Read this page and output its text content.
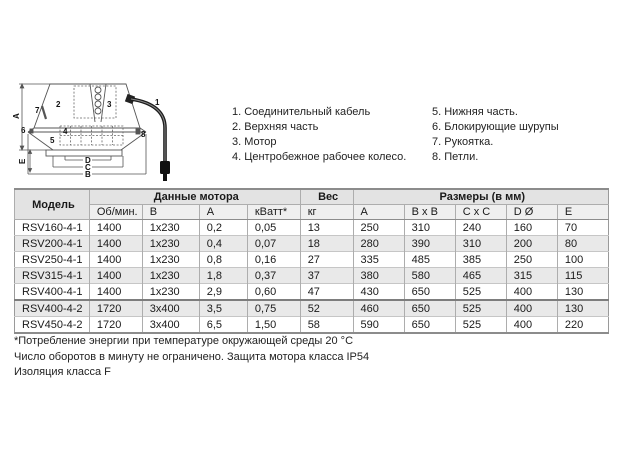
1
2	3
4
5
6
7
8
A
E	D
C
B
1. Соединительный кабель
2. Верхняя часть
3. Мотор
4. Центробежное рабочее колесо.
5. Нижняя часть.
6. Блокирующие шурупы
7. Рукоятка.
8. Петли.
Модель	Данные мотора				Вес	Размеры (в мм)				
	Об/мин.	В	А	кВатт*	кг	A	B x B	C x C	D Ø	E
RSV160-4-1	1400	1x230	0,2	0,05	13	250	310	240	160	70
RSV200-4-1	1400	1x230	0,4	0,07	18	280	390	310	200	80
RSV250-4-1	1400	1x230	0,8	0,16	27	335	485	385	250	100
RSV315-4-1	1400	1x230	1,8	0,37	37	380	580	465	315	115
RSV400-4-1	1400	1x230	2,9	0,60	47	430	650	525	400	130
RSV400-4-2	1720	3x400	3,5	0,75	52	460	650	525	400	130
RSV450-4-2	1720	3x400	6,5	1,50	58	590	650	525	400	220
*Потребление энергии при температуре окружающей среды 20 °C
Число оборотов в минуту не ограничено. Защита мотора класса IP54
Изоляция класса F
